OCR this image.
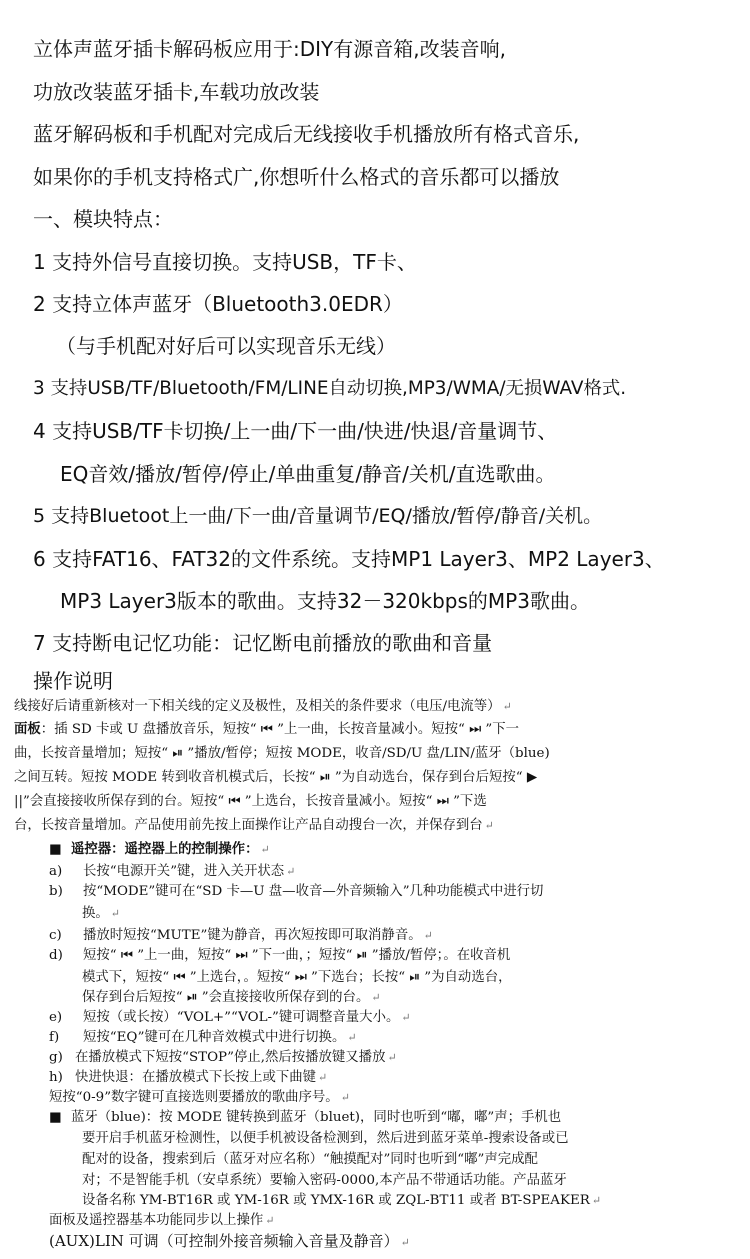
立体声蓝牙插卡解码板应用于:DIY有源音箱,改装音响,
功放改装蓝牙插卡,车载功放改装
蓝牙解码板和手机配对完成后无线接收手机播放所有格式音乐,
如果你的手机支持格式广,你想听什么格式的音乐都可以播放
一、模块特点：
1 支持外信号直接切换。支持USB，TF卡、
2 支持立体声蓝牙（Bluetooth3.0EDR）
（与手机配对好后可以实现音乐无线）
3 支持USB/TF/Bluetooth/FM/LINE自动切换,MP3/WMA/无损WAV格式.
4 支持USB/TF卡切换/上一曲/下一曲/快进/快退/音量调节、
EQ音效/播放/暂停/停止/单曲重复/静音/关机/直选歌曲。
5 支持Bluetoot上一曲/下一曲/音量调节/EQ/播放/暂停/静音/关机。
6 支持FAT16、FAT32的文件系统。支持MP1 Layer3、MP2 Layer3、
MP3 Layer3版本的歌曲。支持32－320kbps的MP3歌曲。
7 支持断电记忆功能：记忆断电前播放的歌曲和音量
操作说明
线接好后请重新核对一下相关线的定义及极性，及相关的条件要求（电压/电流等） ↵
面板：插 SD 卡或 U 盘播放音乐，短按“ ⏮ ”上一曲，长按音量减小。短按“ ⏭ ”下一
曲，长按音量增加；短按“ ⏯ ”播放/暂停；短按 MODE，收音/SD/U 盘/LIN/蓝牙（blue)
之间互转。短按 MODE 转到收音机模式后，长按“ ⏯ ”为自动选台，保存到台后短按“ ▶
||”会直接接收所保存到的台。短按“ ⏮ ”上选台，长按音量减小。短按“ ⏭ ”下选
台，长按音量增加。产品使用前先按上面操作让产品自动搜台一次，并保存到台 ↵
■ 遥控器：遥控器上的控制操作： ↵
a) 长按“电源开关”键，进入关开状态 ↵
b) 按“MODE”键可在“SD 卡—U 盘—收音—外音频输入”几种功能模式中进行切
换。 ↵
c) 播放时短按“MUTE”键为静音，再次短按即可取消静音。 ↵
d) 短按“ ⏮ ”上一曲，短按“ ⏭ ”下一曲，；短按“ ⏯ ”播放/暂停；。在收音机
模式下，短按“ ⏮ ”上选台，。短按“ ⏭ ”下选台；长按“ ⏯ ”为自动选台，
保存到台后短按“ ⏯ ”会直接接收所保存到的台。 ↵
e) 短按（或长按）“VOL+”“VOL-”键可调整音量大小。 ↵
f) 短按“EQ”键可在几种音效模式中进行切换。 ↵
g) 在播放模式下短按“STOP”停止,然后按播放键又播放 ↵
h) 快进快退：在播放模式下长按上或下曲键 ↵
短按“0-9”数字键可直接选则要播放的歌曲序号。 ↵
■ 蓝牙（blue)：按 MODE 键转换到蓝牙（bluet)，同时也听到“嘟，嘟”声；手机也
要开启手机蓝牙检测性，以便手机被设备检测到，然后进到蓝牙菜单-搜索设备或已
配对的设备，搜索到后（蓝牙对应名称）“触摸配对”同时也听到“嘟”声完成配
对；不是智能手机（安卓系统）要输入密码-0000,本产品不带通话功能。产品蓝牙
设备名称 YM-BT16R 或 YM-16R 或 YMX-16R 或 ZQL-BT11 或者 BT-SPEAKER ↵
面板及遥控器基本功能同步以上操作 ↵
(AUX)LIN 可调（可控制外接音频输入音量及静音） ↵
